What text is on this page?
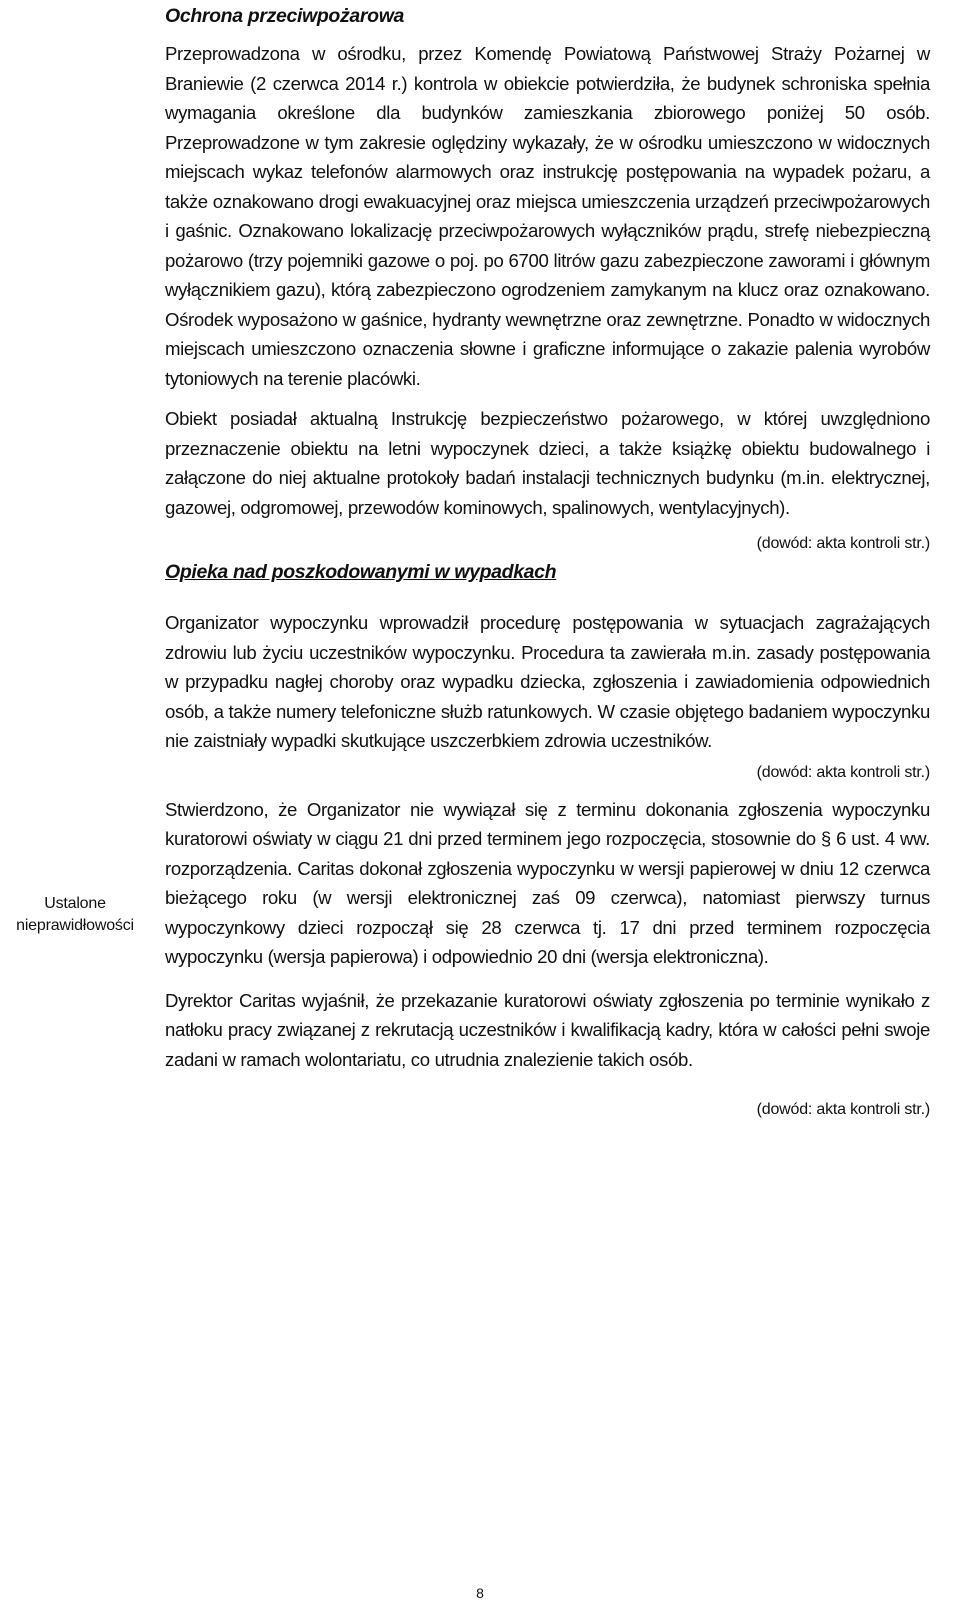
Ochrona przeciwpożarowa

Przeprowadzona w ośrodku, przez Komendę Powiatową Państwowej Straży Pożarnej w Braniewie (2 czerwca 2014 r.) kontrola w obiekcie potwierdziła, że budynek schroniska spełnia wymagania określone dla budynków zamieszkania zbiorowego poniżej 50 osób. Przeprowadzone w tym zakresie oględziny wykazały, że w ośrodku umieszczono w widocznych miejscach wykaz telefonów alarmowych oraz instrukcję postępowania na wypadek pożaru, a także oznakowano drogi ewakuacyjnej oraz miejsca umieszczenia urządzeń przeciwpożarowych i gaśnic. Oznakowano lokalizację przeciwpożarowych wyłączników prądu, strefę niebezpieczną pożarowo (trzy pojemniki gazowe o poj. po 6700 litrów gazu zabezpieczone zaworami i głównym wyłącznikiem gazu), którą zabezpieczono ogrodzeniem zamykanym na klucz oraz oznakowano. Ośrodek wyposażono w gaśnice, hydranty wewnętrzne oraz zewnętrzne. Ponadto w widocznych miejscach umieszczono oznaczenia słowne i graficzne informujące o zakazie palenia wyrobów tytoniowych na terenie placówki.

Obiekt posiadał aktualną Instrukcję bezpieczeństwo pożarowego, w której uwzględniono przeznaczenie obiektu na letni wypoczynek dzieci, a także książkę obiektu budowalnego i załączone do niej aktualne protokoły badań instalacji technicznych budynku (m.in. elektrycznej, gazowej, odgromowej, przewodów kominowych, spalinowych, wentylacyjnych).

(dowód: akta kontroli str.)

Opieka nad poszkodowanymi w wypadkach

Organizator wypoczynku wprowadził procedurę postępowania w sytuacjach zagrażających zdrowiu lub życiu uczestników wypoczynku. Procedura ta zawierała m.in. zasady postępowania w przypadku nagłej choroby oraz wypadku dziecka, zgłoszenia i zawiadomienia odpowiednich osób, a także numery telefoniczne służb ratunkowych. W czasie objętego badaniem wypoczynku nie zaistniały wypadki skutkujące uszczerbkiem zdrowia uczestników.

(dowód: akta kontroli str.)

Stwierdzono, że Organizator nie wywiązał się z terminu dokonania zgłoszenia wypoczynku kuratorowi oświaty w ciągu 21 dni przed terminem jego rozpoczęcia, stosownie do § 6 ust. 4 ww. rozporządzenia. Caritas dokonał zgłoszenia wypoczynku w wersji papierowej w dniu 12 czerwca bieżącego roku (w wersji elektronicznej zaś 09 czerwca), natomiast pierwszy turnus wypoczynkowy dzieci rozpoczął się 28 czerwca tj. 17 dni przed terminem rozpoczęcia wypoczynku (wersja papierowa) i odpowiednio 20 dni (wersja elektroniczna).

Dyrektor Caritas wyjaśnił, że przekazanie kuratorowi oświaty zgłoszenia po terminie wynikało z natłoku pracy związanej z rekrutacją uczestników i kwalifikacją kadry, która w całości pełni swoje zadani w ramach wolontariatu, co utrudnia znalezienie takich osób.

(dowód: akta kontroli str.)

Ustalone
nieprawidłowości
8
